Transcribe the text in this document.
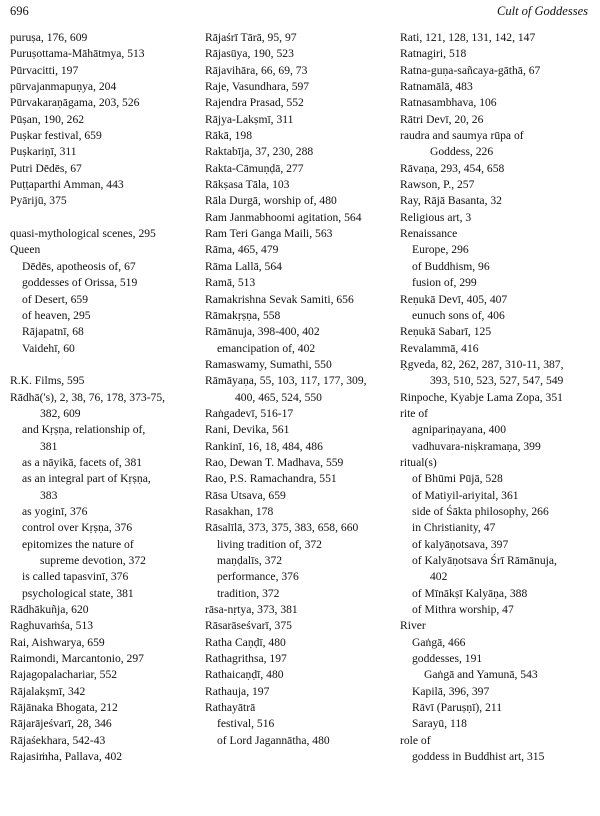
696	Cult of Goddesses
puruṣa, 176, 609
Puruṣottama-Māhātmya, 513
Pūrvacitti, 197
pūrvajanmapuṇya, 204
Pūrvakaraṇāgama, 203, 526
Pūṣan, 190, 262
Puṣkar festival, 659
Puṣkariṇī, 311
Putri Dēdēs, 67
Puṭṭaparthi Amman, 443
Pyārijū, 375
quasi-mythological scenes, 295
Queen
Dēdēs, apotheosis of, 67
goddesses of Orissa, 519
of Desert, 659
of heaven, 295
Rājapatnī, 68
Vaidehī, 60
R.K. Films, 595
Rādhā('s), 2, 38, 76, 178, 373-75,
382, 609
and Kṛṣṇa, relationship of,
381
as a nāyikā, facets of, 381
as an integral part of Kṛṣṇa,
383
as yoginī, 376
control over Kṛṣṇa, 376
epitomizes the nature of
supreme devotion, 372
is called tapasvinī, 376
psychological state, 381
Rādhākuñja, 620
Raghuvaṁśa, 513
Rai, Aishwarya, 659
Raimondi, Marcantonio, 297
Rajagopalachariar, 552
Rājalakṣmī, 342
Rājānaka Bhogata, 212
Rājarājeśvarī, 28, 346
Rājaśekhara, 542-43
Rajasiṁha, Pallava, 402
Rājaśrī Tārā, 95, 97
Rājasūya, 190, 523
Rājavihāra, 66, 69, 73
Raje, Vasundhara, 597
Rajendra Prasad, 552
Rājya-Lakṣmī, 311
Rākā, 198
Raktabīja, 37, 230, 288
Rakta-Cāmuṇḍā, 277
Rākṣasa Tāla, 103
Rāla Durgā, worship of, 480
Ram Janmabhoomi agitation, 564
Ram Teri Ganga Maili, 563
Rāma, 465, 479
Rāma Lallā, 564
Ramā, 513
Ramakrishna Sevak Samiti, 656
Rāmakṛṣṇa, 558
Rāmānuja, 398-400, 402
emancipation of, 402
Ramaswamy, Sumathi, 550
Rāmāyaṇa, 55, 103, 117, 177, 309,
400, 465, 524, 550
Raṅgadevī, 516-17
Rani, Devika, 561
Rankinī, 16, 18, 484, 486
Rao, Dewan T. Madhava, 559
Rao, P.S. Ramachandra, 551
Rāsa Utsava, 659
Rasakhan, 178
Rāsalīlā, 373, 375, 383, 658, 660
living tradition of, 372
maṇḍalīs, 372
performance, 376
tradition, 372
rāsa-nṛtya, 373, 381
Rāsarāseśvarī, 375
Ratha Caṇḍī, 480
Rathagrithsa, 197
Rathaicaṇḍī, 480
Rathauja, 197
Rathayātrā
festival, 516
of Lord Jagannātha, 480
Rati, 121, 128, 131, 142, 147
Ratnagiri, 518
Ratna-guṇa-sañcaya-gāthā, 67
Ratnamālā, 483
Ratnasambhava, 106
Rātri Devī, 20, 26
raudra and saumya rūpa of
Goddess, 226
Rāvaṇa, 293, 454, 658
Rawson, P., 257
Ray, Rājā Basanta, 32
Religious art, 3
Renaissance
Europe, 296
of Buddhism, 96
fusion of, 299
Reṇukā Devī, 405, 407
eunuch sons of, 406
Reṇukā Sabarī, 125
Revalammā, 416
Ṛgveda, 82, 262, 287, 310-11, 387,
393, 510, 523, 527, 547, 549
Rinpoche, Kyabje Lama Zopa, 351
rite of
agnipariṇayana, 400
vadhuvara-niṣkramaṇa, 399
ritual(s)
of Bhūmi Pūjā, 528
of Matiyil-ariyital, 361
side of Śākta philosophy, 266
in Christianity, 47
of kalyāṇotsava, 397
of Kalyāṇotsava Śrī Rāmānuja,
402
of Mīnākṣī Kalyāṇa, 388
of Mithra worship, 47
River
Gaṅgā, 466
goddesses, 191
Gaṅgā and Yamunā, 543
Kapilā, 396, 397
Rāvī (Paruṣṇī), 211
Sarayū, 118
role of
goddess in Buddhist art, 315
